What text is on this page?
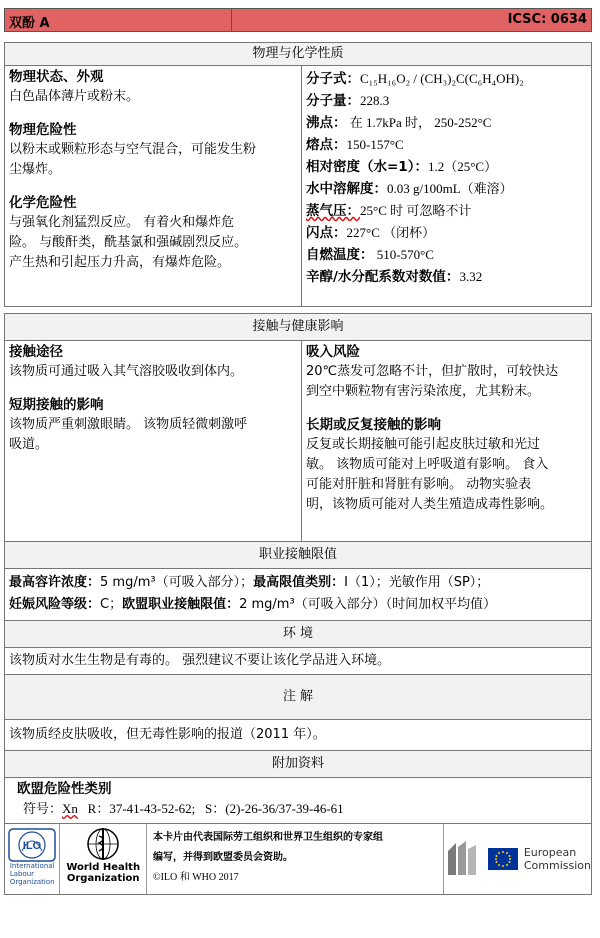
双酚 A	ICSC: 0634
物理与化学性质
物理状态、外观
白色晶体薄片或粉末。
物理危险性
以粉末或颗粒形态与空气混合，可能发生粉
尘爆炸。
化学危险性
与强氧化剂猛烈反应。 有着火和爆炸危
险。 与酸酐类，酰基氯和强碱剧烈反应。
产生热和引起压力升高，有爆炸危险。
分子式：C₁₅H₁₆O₂ / (CH₃)₂C(C₆H₄OH)₂
分子量：228.3
沸点： 在 1.7kPa 时， 250-252°C
熔点：150-157°C
相对密度（水=1）：1.2（25°C）
水中溶解度：0.03 g/100mL（难溶）
蒸气压：25°C 时 可忽略不计
闪点：227°C （闭杯）
自燃温度： 510-570°C
辛醇/水分配系数对数值：3.32
接触与健康影响
接触途径
该物质可通过吸入其气溶胶吸收到体内。
短期接触的影响
该物质严重刺激眼睛。 该物质轻微刺激呼
吸道。
吸入风险
20℃蒸发可忽略不计，但扩散时，可较快达
到空中颗粒物有害污染浓度，尤其粉末。
长期或反复接触的影响
反复或长期接触可能引起皮肤过敏和光过
敏。 该物质可能对上呼吸道有影响。 食入
可能对肝脏和肾脏有影响。 动物实验表
明，该物质可能对人类生殖造成毒性影响。
职业接触限值
最高容许浓度：5 mg/m³（可吸入部分）；最高限值类别：I（1）；光敏作用（SP）；
妊娠风险等级：C；欧盟职业接触限值：2 mg/m³（可吸入部分）（时间加权平均值）
环 境
该物质对水生生物是有毒的。 强烈建议不要让该化学品进入环境。
注 解
该物质经皮肤吸收，但无毒性影响的报道（2011 年）。
附加资料
欧盟危险性类别
符号：Xn R：37-41-43-52-62; S：(2)-26-36/37-39-46-61
ILO
International
Labour
Organization
World Health
Organization
本卡片由代表国际劳工组织和世界卫生组织的专家组
编写，并得到欧盟委员会资助。
©ILO 和 WHO 2017
European
Commission
